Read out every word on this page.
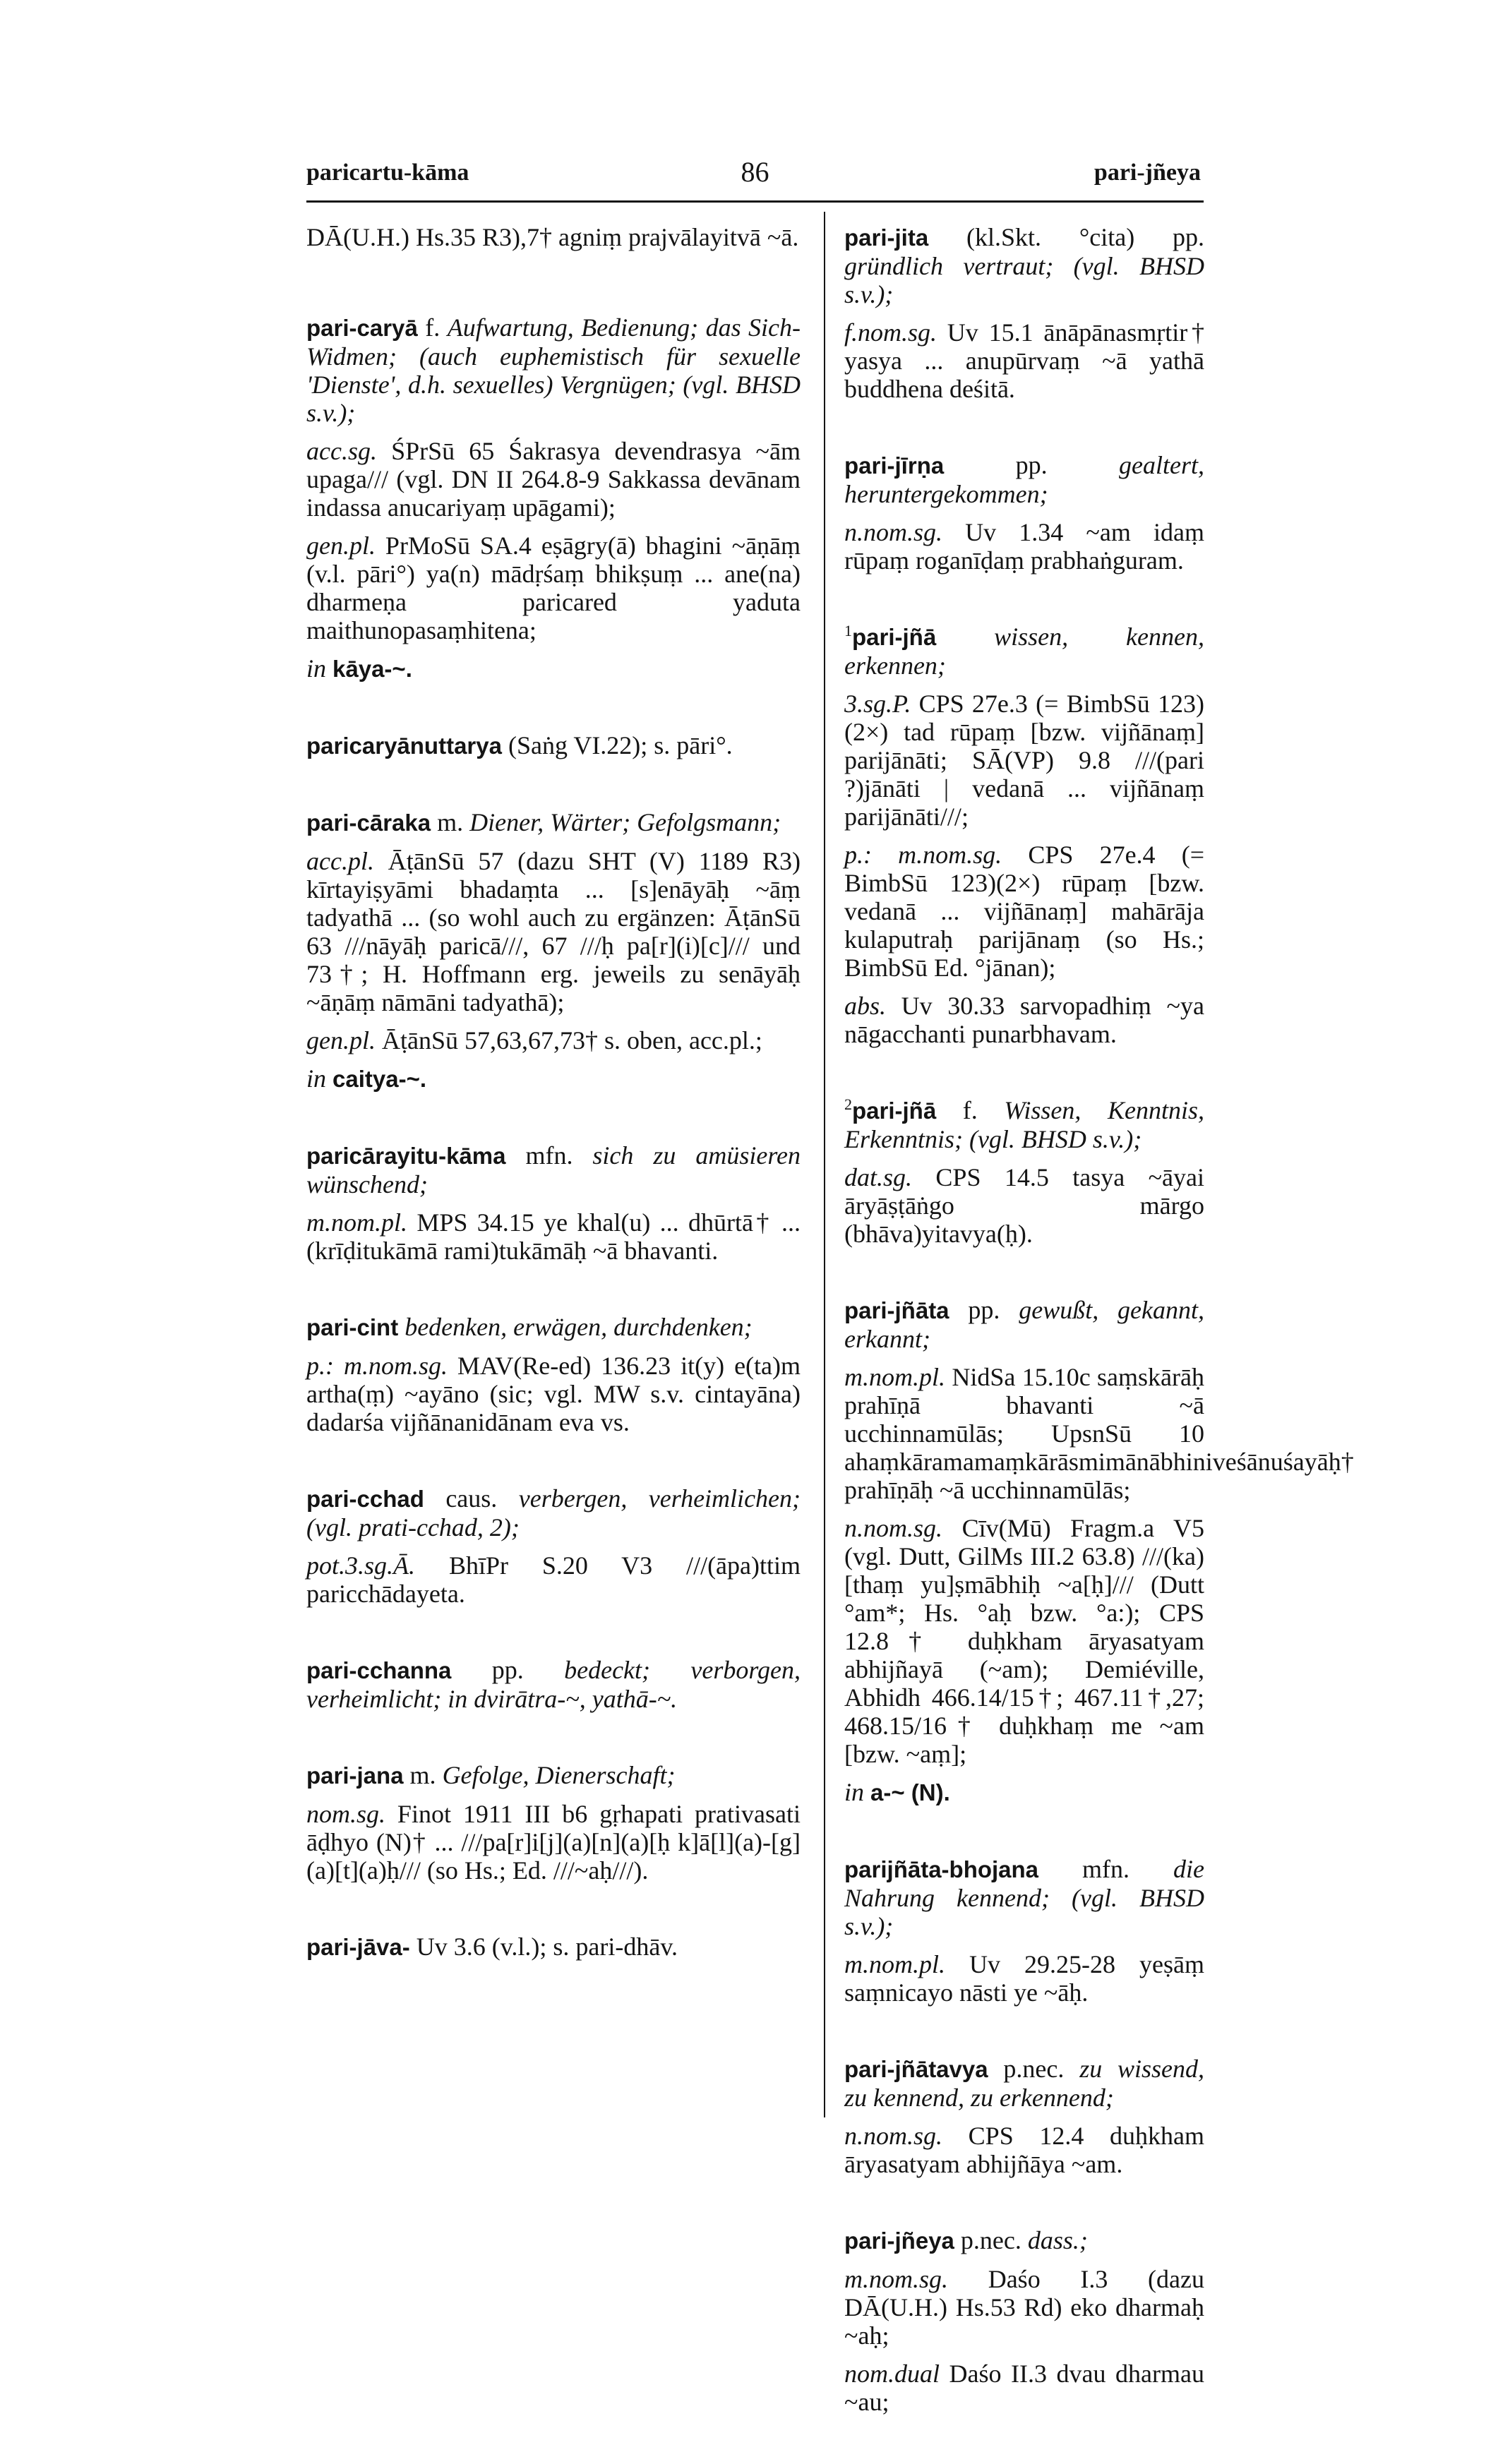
paricartu-kāma	86	pari-jñeya

DĀ(U.H.) Hs.35 R3),7† agniṃ prajvālayitvā ~ā.

pari-caryā f. Aufwartung, Bedienung; das Sich-Widmen; (auch euphemistisch für sexuelle 'Dienste', d.h. sexuelles) Vergnügen; (vgl. BHSD s.v.);

acc.sg. ŚPrSū 65 Śakrasya devendrasya ~ām upaga/// (vgl. DN II 264.8-9 Sakkassa devānam indassa anucariyaṃ upāgami);

gen.pl. PrMoSū SA.4 eṣāgry(ā) bhagini ~āṇāṃ (v.l. pāri°) ya(n) mādṛśaṃ bhikṣuṃ ... ane(na) dharmeṇa paricared yaduta maithunopasaṃhitena;

in kāya-~.

paricaryānuttarya (Saṅg VI.22); s. pāri°.

pari-cāraka m. Diener, Wärter; Gefolgsmann;

acc.pl. ĀṭānSū 57 (dazu SHT (V) 1189 R3) kīrtayiṣyāmi bhadaṃta ... [s]enāyāḥ ~āṃ tadyathā ... (so wohl auch zu ergänzen: ĀṭānSū 63 ///nāyāḥ paricā///, 67 ///ḥ pa[r](i)[c]/// und 73†; H. Hoffmann erg. jeweils zu senāyāḥ ~āṇāṃ nāmāni tadyathā);

gen.pl. ĀṭānSū 57,63,67,73† s. oben, acc.pl.;

in caitya-~.

paricārayitu-kāma mfn. sich zu amüsieren wünschend;

m.nom.pl. MPS 34.15 ye khal(u) ... dhūrtā† ... (krīḍitukāmā rami)tukāmāḥ ~ā bhavanti.

pari-cint bedenken, erwägen, durchdenken;

p.: m.nom.sg. MAV(Re-ed) 136.23 it(y) e(ta)m artha(ṃ) ~ayāno (sic; vgl. MW s.v. cintayāna) dadarśa vijñānanidānam eva vs.

pari-cchad caus. verbergen, verheimlichen; (vgl. prati-cchad, 2);

pot.3.sg.Ā. BhīPr S.20 V3 ///(āpa)ttim paricchādayeta.

pari-cchanna pp. bedeckt; verborgen, verheimlicht; in dvirātra-~, yathā-~.

pari-jana m. Gefolge, Dienerschaft;

nom.sg. Finot 1911 III b6 gṛhapati prativasati āḍhyo (N)† ... ///pa[r]i[j](a)[n](a)[ḥ k]ā[l](a)-[g](a)[t](a)ḥ/// (so Hs.; Ed. ///~aḥ///).

pari-jāva- Uv 3.6 (v.l.); s. pari-dhāv.

pari-jita (kl.Skt. °cita) pp. gründlich vertraut; (vgl. BHSD s.v.);

f.nom.sg. Uv 15.1 ānāpānasmṛtir† yasya ... anupūrvaṃ ~ā yathā buddhena deśitā.

pari-jīrṇa	pp.	gealtert, heruntergekommen;

n.nom.sg. Uv 1.34 ~am idaṃ rūpaṃ roganīḍaṃ prabhaṅguram.

$^1$pari-jñā wissen, kennen, erkennen;

3.sg.P. CPS 27e.3 (= BimbSū 123)(2×) tad rūpaṃ [bzw. vijñānaṃ] parijānāti; SĀ(VP) 9.8 ///(pari ?)jānāti | vedanā ... vijñānaṃ parijānāti///;

p.: m.nom.sg. CPS 27e.4 (= BimbSū 123)(2×) rūpaṃ [bzw. vedanā ... vijñānaṃ] mahārāja kulaputraḥ parijānaṃ (so Hs.; BimbSū Ed. °jānan);

abs. Uv 30.33 sarvopadhiṃ ~ya nāgacchanti punarbhavam.

$^2$pari-jñā f. Wissen, Kenntnis, Erkenntnis; (vgl. BHSD s.v.);

dat.sg. CPS 14.5 tasya ~āyai āryāṣṭāṅgo mārgo (bhāva)yitavya(ḥ).

pari-jñāta pp. gewußt, gekannt, erkannt;

m.nom.pl. NidSa 15.10c saṃskārāḥ prahīṇā bhavanti ~ā ucchinnamūlās; UpsnSū 10 ahaṃkāramamaṃkārāsmimānābhiniveśānuśayāḥ† prahīṇāḥ ~ā ucchinnamūlās;

n.nom.sg. Cīv(Mū) Fragm.a V5 (vgl. Dutt, GilMs III.2 63.8) ///(ka)[thaṃ yu]ṣmābhiḥ ~a[ḥ]/// (Dutt °am*; Hs. °aḥ bzw. °a:); CPS 12.8† duḥkham āryasatyam abhijñayā (~am); Demiéville, Abhidh 466.14/15†; 467.11†,27; 468.15/16† duḥkhaṃ me ~am [bzw. ~aṃ];

in a-~ (N).

parijñāta-bhojana mfn. die Nahrung kennend; (vgl. BHSD s.v.);

m.nom.pl. Uv 29.25-28 yeṣāṃ saṃnicayo nāsti ye ~āḥ.

pari-jñātavya p.nec. zu wissend, zu kennend, zu erkennend;

n.nom.sg. CPS 12.4 duḥkham āryasatyam abhijñāya ~am.

pari-jñeya p.nec. dass.;

m.nom.sg. Daśo I.3 (dazu DĀ(U.H.) Hs.53 Rd) eko dharmaḥ ~aḥ;

nom.dual Daśo II.3 dvau dharmau ~au;
